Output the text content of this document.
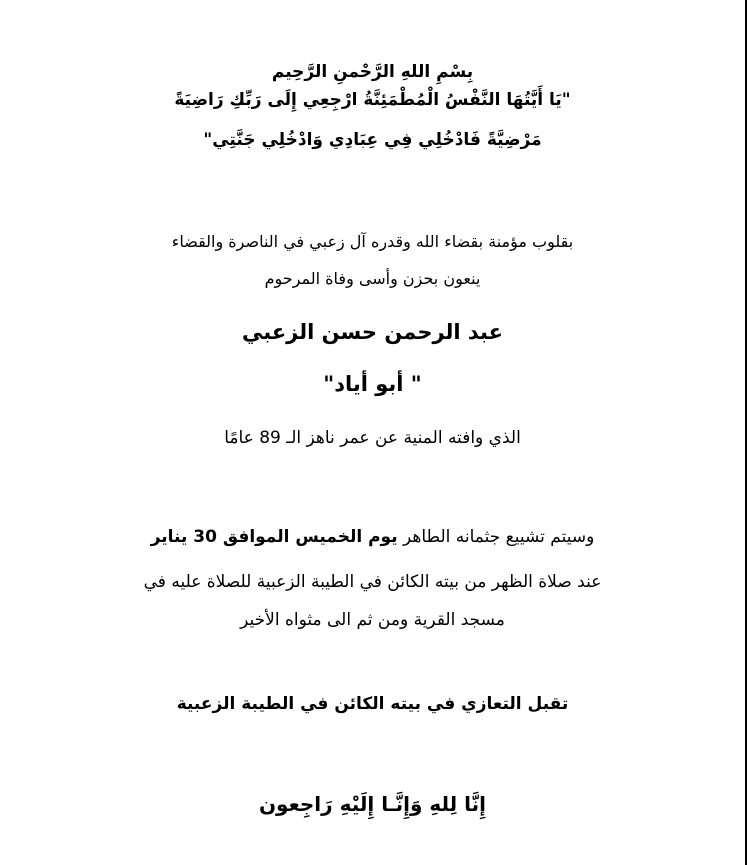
بِسْمِ اللهِ الرَّحْمنِ الرَّحِيم
"يَا أَيَّتُهَا النَّفْسُ الْمُطْمَئِنَّةُ ارْجِعِي إِلَى رَبِّكِ رَاضِيَةً
مَرْضِيَّةً فَادْخُلِي فِي عِبَادِي وَادْخُلِي جَنَّتِي"
بقلوب مؤمنة بقضاء الله وقدره آل زعبي في الناصرة والقضاء
ينعون بحزن وأسى وفاة المرحوم
عبد الرحمن حسن الزعبي
" أبو أياد"
الذي وافته المنية عن عمر ناهز الـ 89 عامًا
وسيتم تشييع جثمانه الطاهر يوم الخميس الموافق 30 يناير
عند صلاة الظهر من بيته الكائن في الطيبة الزعبية للصلاة عليه في
مسجد القرية ومن ثم الى مثواه الأخير
تقبل التعازي في بيته الكائن في الطيبة الزعبية
إِنَّا لِلهِ وَإِنَّـا إِلَيْهِ رَاجِعون
